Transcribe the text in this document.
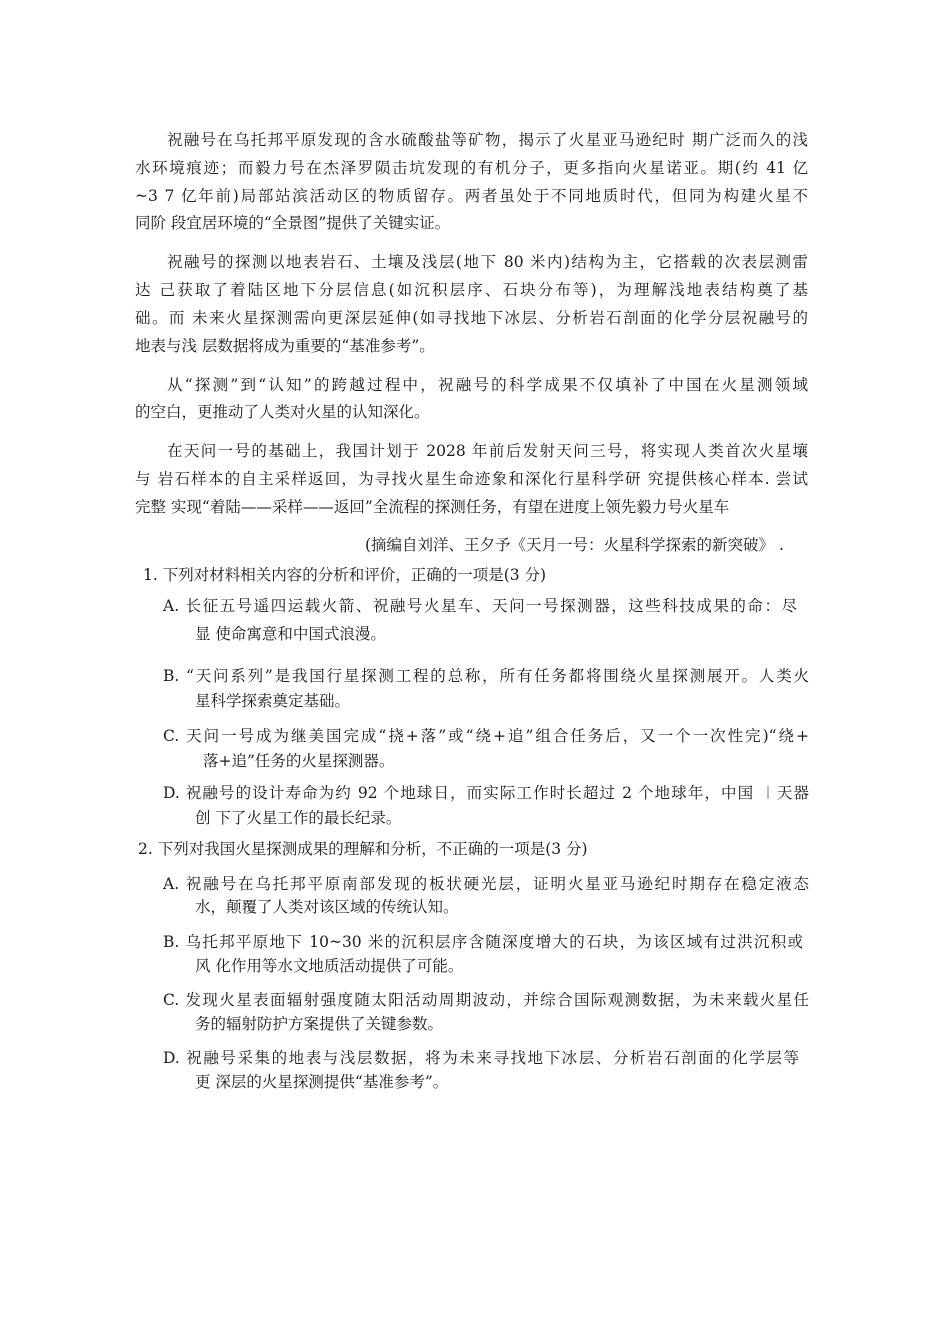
祝融号在乌托邦平原发现的含水硫酸盐等矿物，揭示了火星亚马逊纪时 期广泛而久的浅
水环境痕迹；而毅力号在杰泽罗陨击坑发现的有机分子，更多指向火星诺亚。期(约 41 亿
~3 7 亿年前)局部站滨活动区的物质留存。两者虽处于不同地质时代，但同为构建火星不
同阶 段宜居环境的“全景图”提供了关键实证。
祝融号的探测以地表岩石、土壤及浅层(地下 80 米内)结构为主，它搭载的次表层测雷
达 己获取了着陆区地下分层信息(如沉积层序、石块分布等)，为理解浅地表结构奠了基
础。而 未来火星探测需向更深层延伸(如寻找地下冰层、分析岩石剖面的化学分层祝融号的
地表与浅 层数据将成为重要的“基准参考”。
从“探测”到“认知”的跨越过程中，祝融号的科学成果不仅填补了中国在火星测领域
的空白，更推动了人类对火星的认知深化。
在天问一号的基础上，我国计划于 2028 年前后发射天问三号，将实现人类首次火星壤
与 岩石样本的自主采样返回，为寻找火星生命迹象和深化行星科学研 究提供核心样本. 尝试
完整 实现“着陆——采样——返回”全流程的探测任务，有望在进度上领先毅力号火星车
(摘编自刘洋、王夕予《天月一号：火星科学探索的新突破》 .
1. 下列对材料相关内容的分析和评价，正确的一项是(3 分)
A. 长征五号遥四运载火箭、祝融号火星车、天问一号探测器，这些科技成果的命：尽
显 使命寓意和中国式浪漫。
B. “天问系列”是我国行星探测工程的总称，所有任务都将围绕火星探测展开。人类火
星科学探索奠定基础。
C. 天问一号成为继美国完成“挠+落”或“绕+追”组合任务后，又一个一次性完)“绕+
落+追”任务的火星探测器。
D. 祝融号的设计寿命为约 92 个地球日，而实际工作时长超过 2 个地球年，中国 ︱天器
创 下了火星工作的最长纪录。
2. 下列对我国火星探测成果的理解和分析，不正确的一项是(3 分)
A. 祝融号在乌托邦平原南部发现的板状硬光层，证明火星亚马逊纪时期存在稳定液态
水，颠覆了人类对该区域的传统认知。
B. 乌托邦平原地下 10~30 米的沉积层序含随深度增大的石块，为该区域有过洪沉积或
风 化作用等水文地质活动提供了可能。
C. 发现火星表面辐射强度随太阳活动周期波动，并综合国际观测数据，为未来载火星任
务的辐射防护方案提供了关键参数。
D. 祝融号采集的地表与浅层数据，将为未来寻找地下冰层、分析岩石剖面的化学层等
更 深层的火星探测提供“基准参考”。
